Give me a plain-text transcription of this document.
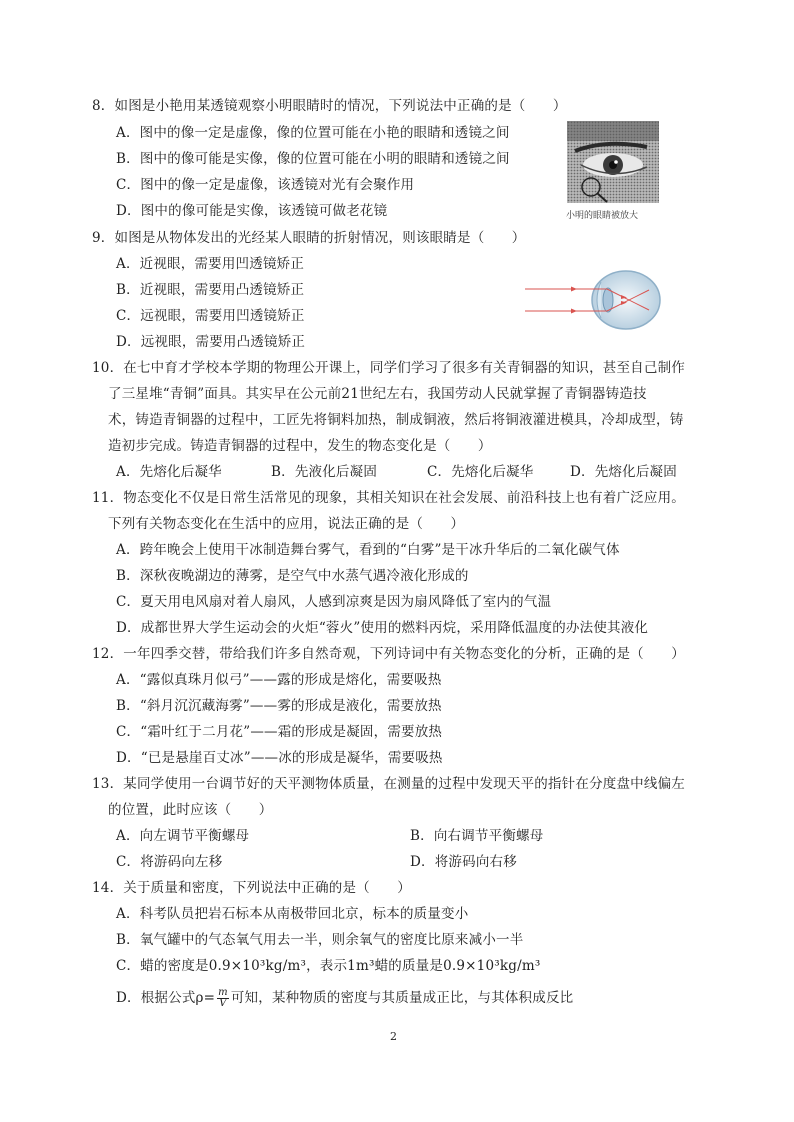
8．如图是小艳用某透镜观察小明眼睛时的情况，下列说法中正确的是（　　）
A．图中的像一定是虚像，像的位置可能在小艳的眼睛和透镜之间
B．图中的像可能是实像，像的位置可能在小明的眼睛和透镜之间
C．图中的像一定是虚像，该透镜对光有会聚作用
D．图中的像可能是实像，该透镜可做老花镜	小明的眼睛被放大
9．如图是从物体发出的光经某人眼睛的折射情况，则该眼睛是（　　）
A．近视眼，需要用凹透镜矫正
B．近视眼，需要用凸透镜矫正
C．远视眼，需要用凹透镜矫正
D．远视眼，需要用凸透镜矫正
10．在七中育才学校本学期的物理公开课上，同学们学习了很多有关青铜器的知识，甚至自己制作
了三星堆“青铜”面具。其实早在公元前21世纪左右，我国劳动人民就掌握了青铜器铸造技
术，铸造青铜器的过程中，工匠先将铜料加热，制成铜液，然后将铜液灌进模具，冷却成型，铸
造初步完成。铸造青铜器的过程中，发生的物态变化是（　　）
A．先熔化后凝华	B．先液化后凝固	C．先熔化后凝华	D．先熔化后凝固
11．物态变化不仅是日常生活常见的现象，其相关知识在社会发展、前沿科技上也有着广泛应用。
下列有关物态变化在生活中的应用，说法正确的是（　　）
A．跨年晚会上使用干冰制造舞台雾气，看到的“白雾”是干冰升华后的二氧化碳气体
B．深秋夜晚湖边的薄雾，是空气中水蒸气遇冷液化形成的
C．夏天用电风扇对着人扇风，人感到凉爽是因为扇风降低了室内的气温
D．成都世界大学生运动会的火炬“蓉火”使用的燃料丙烷，采用降低温度的办法使其液化
12．一年四季交替，带给我们许多自然奇观，下列诗词中有关物态变化的分析，正确的是（　　）
A．“露似真珠月似弓”——露的形成是熔化，需要吸热
B．“斜月沉沉藏海雾”——雾的形成是液化，需要放热
C．“霜叶红于二月花”——霜的形成是凝固，需要放热
D．“已是悬崖百丈冰”——冰的形成是凝华，需要吸热
13．某同学使用一台调节好的天平测物体质量，在测量的过程中发现天平的指针在分度盘中线偏左
的位置，此时应该（　　）
A．向左调节平衡螺母	B．向右调节平衡螺母
C．将游码向左移	D．将游码向右移
14．关于质量和密度，下列说法中正确的是（　　）
A．科考队员把岩石标本从南极带回北京，标本的质量变小
B．氧气罐中的气态氧气用去一半，则余氧气的密度比原来减小一半
C．蜡的密度是0.9×10³kg/m³，表示1m³蜡的质量是0.9×10³kg/m³
D．根据公式$\rho= \frac{m}{V}$ 可知，某种物质的密度与其质量成正比，与其体积成反比
2
